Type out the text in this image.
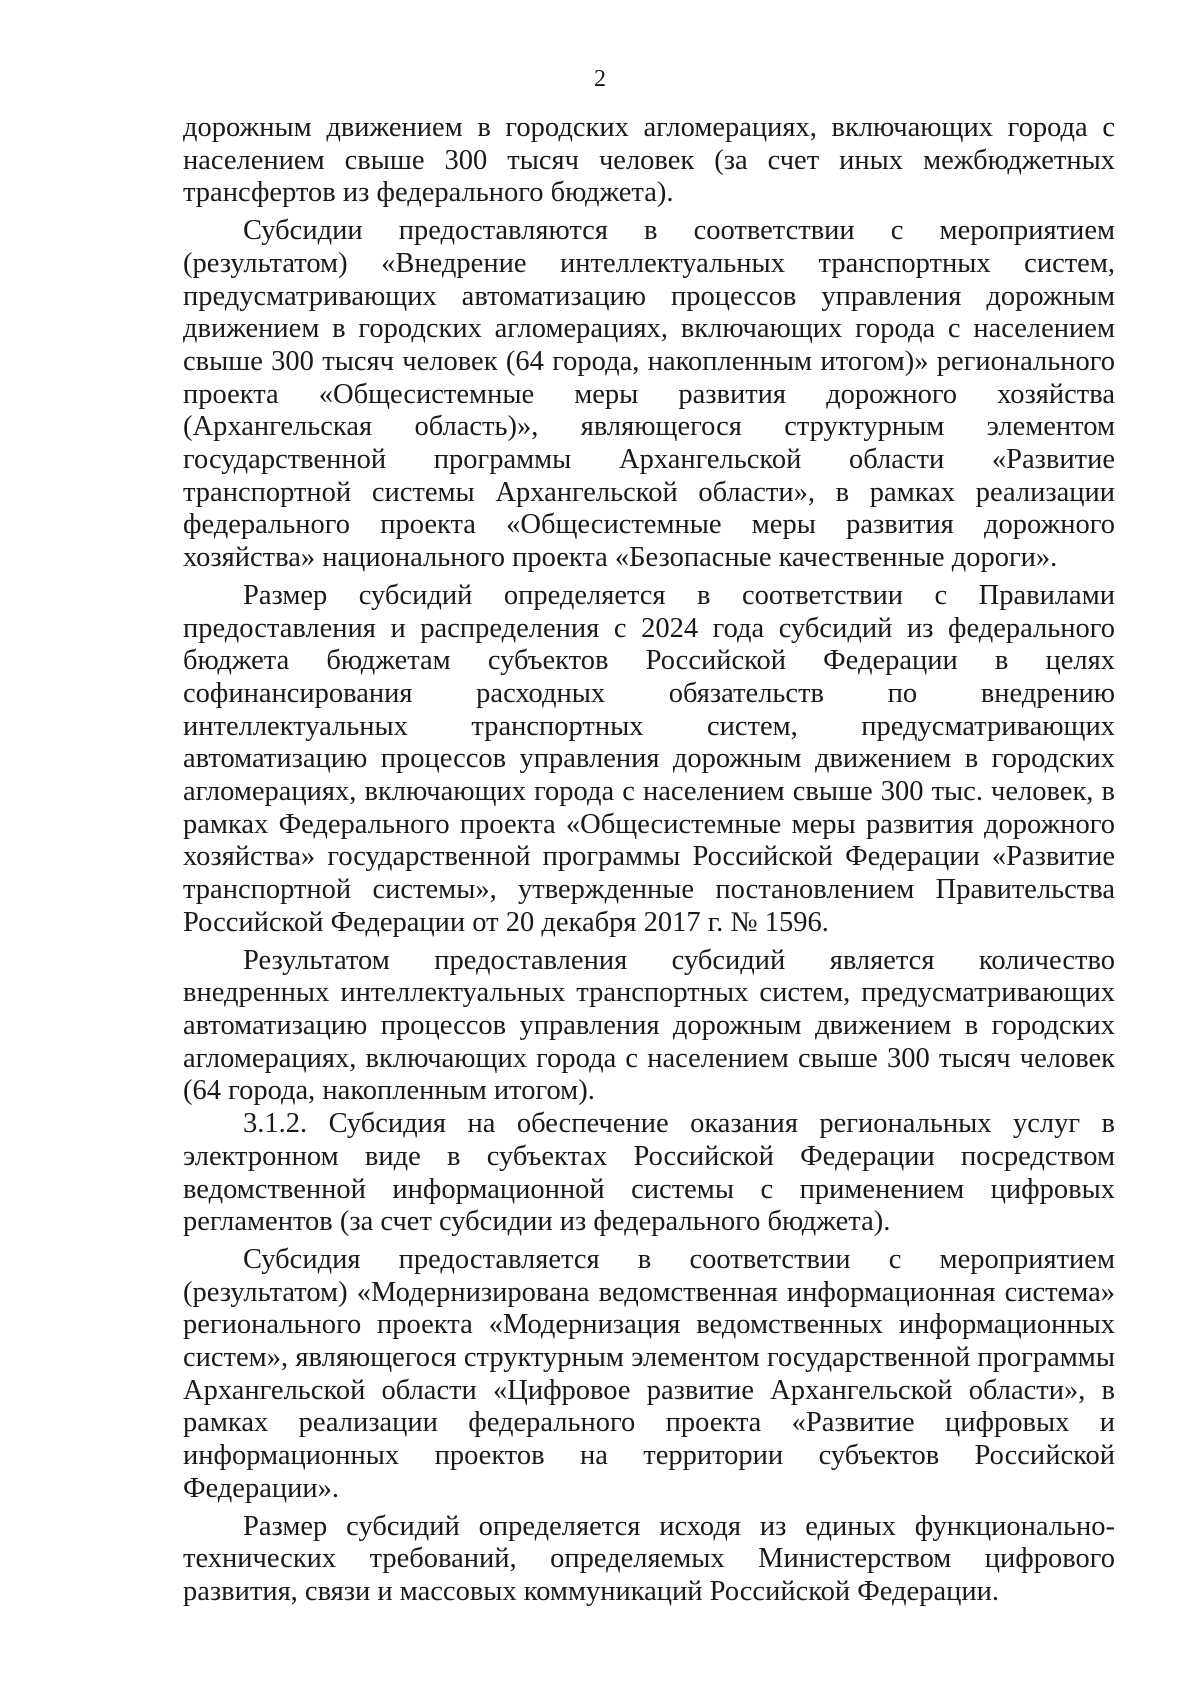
2

дорожным движением в городских агломерациях, включающих города с населением свыше 300 тысяч человек (за счет иных межбюджетных трансфертов из федерального бюджета).

Субсидии предоставляются в соответствии с мероприятием (результатом) «Внедрение интеллектуальных транспортных систем, предусматривающих автоматизацию процессов управления дорожным движением в городских агломерациях, включающих города с населением свыше 300 тысяч человек (64 города, накопленным итогом)» регионального проекта «Общесистемные меры развития дорожного хозяйства (Архангельская область)», являющегося структурным элементом государственной программы Архангельской области «Развитие транспортной системы Архангельской области», в рамках реализации федерального проекта «Общесистемные меры развития дорожного хозяйства» национального проекта «Безопасные качественные дороги».

Размер субсидий определяется в соответствии с Правилами предоставления и распределения с 2024 года субсидий из федерального бюджета бюджетам субъектов Российской Федерации в целях софинансирования расходных обязательств по внедрению интеллектуальных транспортных систем, предусматривающих автоматизацию процессов управления дорожным движением в городских агломерациях, включающих города с населением свыше 300 тыс. человек, в рамках Федерального проекта «Общесистемные меры развития дорожного хозяйства» государственной программы Российской Федерации «Развитие транспортной системы», утвержденные постановлением Правительства Российской Федерации от 20 декабря 2017 г. № 1596.

Результатом предоставления субсидий является количество внедренных интеллектуальных транспортных систем, предусматривающих автоматизацию процессов управления дорожным движением в городских агломерациях, включающих города с населением свыше 300 тысяч человек (64 города, накопленным итогом).

3.1.2. Субсидия на обеспечение оказания региональных услуг в электронном виде в субъектах Российской Федерации посредством ведомственной информационной системы с применением цифровых регламентов (за счет субсидии из федерального бюджета).

Субсидия предоставляется в соответствии с мероприятием (результатом) «Модернизирована ведомственная информационная система» регионального проекта «Модернизация ведомственных информационных систем», являющегося структурным элементом государственной программы Архангельской области «Цифровое развитие Архангельской области», в рамках реализации федерального проекта «Развитие цифровых и информационных проектов на территории субъектов Российской Федерации».

Размер субсидий определяется исходя из единых функционально-технических требований, определяемых Министерством цифрового развития, связи и массовых коммуникаций Российской Федерации.
